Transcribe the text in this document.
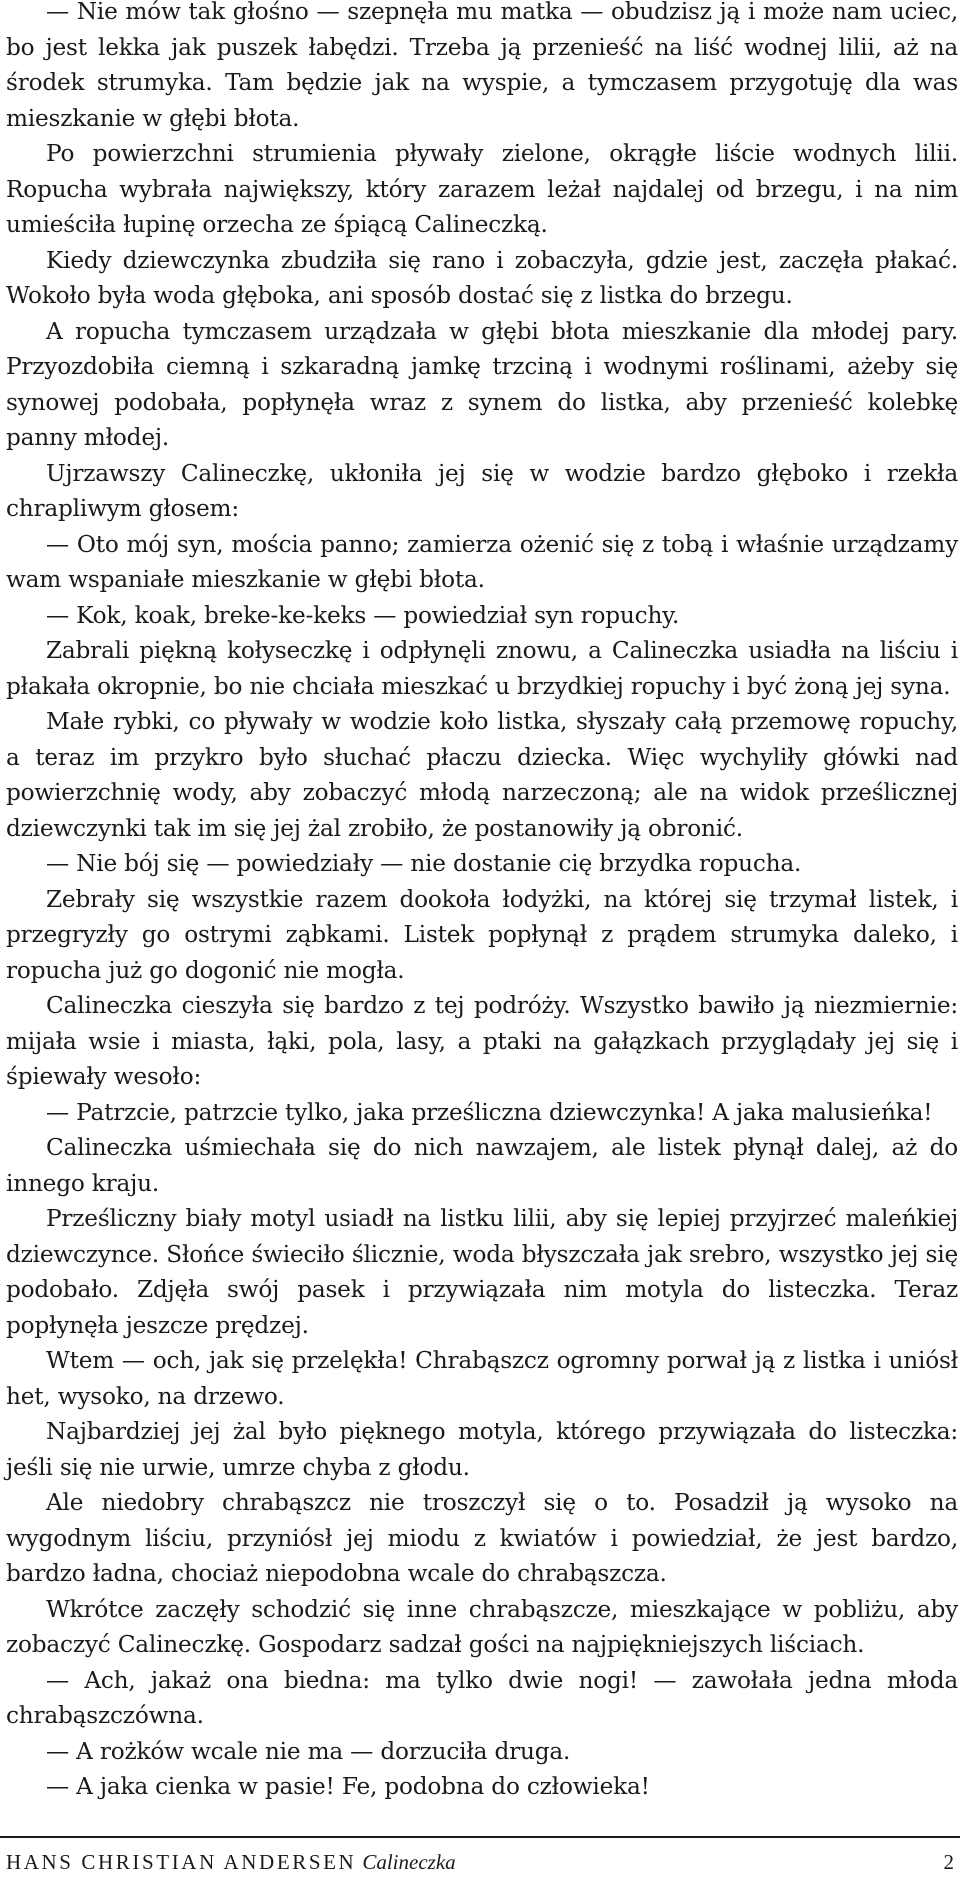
— Nie mów tak głośno — szepnęła mu matka — obudzisz ją i może nam uciec, bo jest lekka jak puszek łabędzi. Trzeba ją przenieść na liść wodnej lilii, aż na środek strumyka. Tam będzie jak na wyspie, a tymczasem przygotuję dla was mieszkanie w głębi błota.

Po powierzchni strumienia pływały zielone, okrągłe liście wodnych lilii. Ropucha wybrała największy, który zarazem leżał najdalej od brzegu, i na nim umieściła łupinę orzecha ze śpiącą Calineczką.

Kiedy dziewczynka zbudziła się rano i zobaczyła, gdzie jest, zaczęła płakać. Wokoło była woda głęboka, ani sposób dostać się z listka do brzegu.

A ropucha tymczasem urządzała w głębi błota mieszkanie dla młodej pary. Przyozdobiła ciemną i szkaradną jamkę trzciną i wodnymi roślinami, ażeby się synowej podobała, popłynęła wraz z synem do listka, aby przenieść kolebkę panny młodej.

Ujrzawszy Calineczkę, ukłoniła jej się w wodzie bardzo głęboko i rzekła chrapliwym głosem:

— Oto mój syn, mościa panno; zamierza ożenić się z tobą i właśnie urządzamy wam wspaniałe mieszkanie w głębi błota.

— Kok, koak, breke-ke-keks — powiedział syn ropuchy.

Zabrali piękną kołyseczkę i odpłynęli znowu, a Calineczka usiadła na liściu i płakała okropnie, bo nie chciała mieszkać u brzydkiej ropuchy i być żoną jej syna.

Małe rybki, co pływały w wodzie koło listka, słyszały całą przemowę ropuchy, a teraz im przykro było słuchać płaczu dziecka. Więc wychyliły główki nad powierzchnię wody, aby zobaczyć młodą narzeczoną; ale na widok prześlicznej dziewczynki tak im się jej żal zrobiło, że postanowiły ją obronić.

— Nie bój się — powiedziały — nie dostanie cię brzydka ropucha.

Zebrały się wszystkie razem dookoła łodyżki, na której się trzymał listek, i przegryzły go ostrymi ząbkami. Listek popłynął z prądem strumyka daleko, i ropucha już go dogonić nie mogła.

Calineczka cieszyła się bardzo z tej podróży. Wszystko bawiło ją niezmiernie: mijała wsie i miasta, łąki, pola, lasy, a ptaki na gałązkach przyglądały jej się i śpiewały wesoło:

— Patrzcie, patrzcie tylko, jaka prześliczna dziewczynka! A jaka malusieńka!

Calineczka uśmiechała się do nich nawzajem, ale listek płynął dalej, aż do innego kraju.

Prześliczny biały motyl usiadł na listku lilii, aby się lepiej przyjrzeć maleńkiej dziewczynce. Słońce świeciło ślicznie, woda błyszczała jak srebro, wszystko jej się podobało. Zdjęła swój pasek i przywiązała nim motyla do listeczka. Teraz popłynęła jeszcze prędzej.

Wtem — och, jak się przelękła! Chrabąszcz ogromny porwał ją z listka i uniósł het, wysoko, na drzewo.

Najbardziej jej żal było pięknego motyla, którego przywiązała do listeczka: jeśli się nie urwie, umrze chyba z głodu.

Ale niedobry chrabąszcz nie troszczył się o to. Posadził ją wysoko na wygodnym liściu, przyniósł jej miodu z kwiatów i powiedział, że jest bardzo, bardzo ładna, chociaż niepodobna wcale do chrabąszcza.

Wkrótce zaczęły schodzić się inne chrabąszcze, mieszkające w pobliżu, aby zobaczyć Calineczkę. Gospodarz sadzał gości na najpiękniejszych liściach.

— Ach, jakaż ona biedna: ma tylko dwie nogi! — zawołała jedna młoda chrabąszczówna.

— A rożków wcale nie ma — dorzuciła druga.

— A jaka cienka w pasie! Fe, podobna do człowieka!

HANS CHRISTIAN ANDERSEN Calineczka	2
